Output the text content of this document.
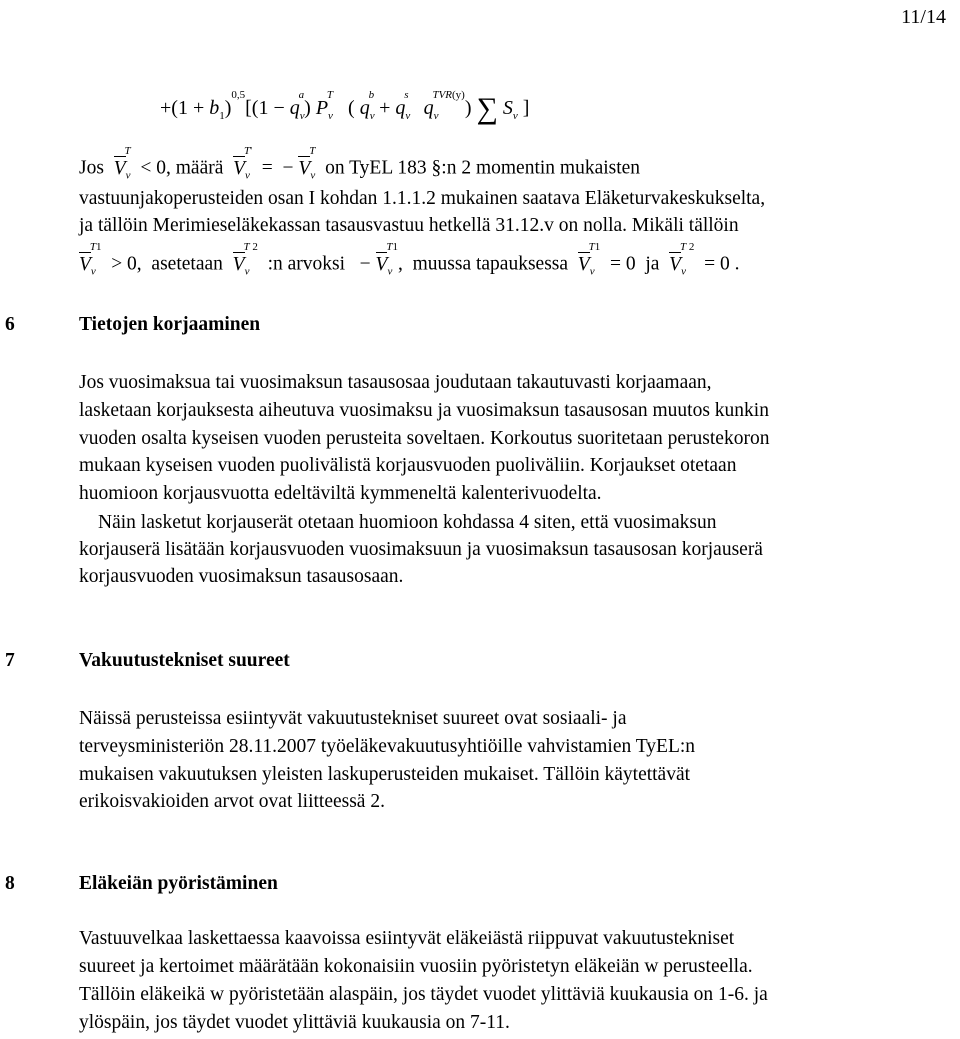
11/14
$+(1 + b_1)^{0,5}[(1 - q_v^a)$ $P_v^T$   ( $q_v^b + q_v^s$   $q_v^{TVR(y)}$) ∑ $S_v$ ]
Jos  $V_v^T < 0$, määrä  $V_v^{T'}$  =  − $V_v^T$  on TyEL 183 §:n 2 momentin mukaisten
vastuunjakoperusteiden osan I kohdan 1.1.1.2 mukainen saatava Eläketurvakeskukselta,
ja tällöin Merimieseläkekassan tasausvastuu hetkellä 31.12.v on nolla. Mikäli tällöin
$V_v^{T1} > 0$,  asetetaan  $V_v^{T 2}$  :n arvoksi   − $V_v^{T1}$,  muussa tapauksessa  $V_v^{T1} = 0$  ja  $V_v^{T 2} = 0$ .
6	Tietojen korjaaminen
Jos vuosimaksua tai vuosimaksun tasausosaa joudutaan takautuvasti korjaamaan,
lasketaan korjauksesta aiheutuva vuosimaksu ja vuosimaksun tasausosan muutos kunkin
vuoden osalta kyseisen vuoden perusteita soveltaen. Korkoutus suoritetaan perustekoron
mukaan kyseisen vuoden puolivälistä korjausvuoden puoliväliin. Korjaukset otetaan
huomioon korjausvuotta edeltäviltä kymmeneltä kalenterivuodelta.
Näin lasketut korjauserät otetaan huomioon kohdassa 4 siten, että vuosimaksun
korjauserä lisätään korjausvuoden vuosimaksuun ja vuosimaksun tasausosan korjauserä
korjausvuoden vuosimaksun tasausosaan.
7	Vakuutustekniset suureet
Näissä perusteissa esiintyvät vakuutustekniset suureet ovat sosiaali- ja
terveysministeriön 28.11.2007 työeläkevakuutusyhtiöille vahvistamien TyEL:n
mukaisen vakuutuksen yleisten laskuperusteiden mukaiset. Tällöin käytettävät
erikoisvakioiden arvot ovat liitteessä 2.
8	Eläkeiän pyöristäminen
Vastuuvelkaa laskettaessa kaavoissa esiintyvät eläkeiästä riippuvat vakuutustekniset
suureet ja kertoimet määrätään kokonaisiin vuosiin pyöristetyn eläkeiän w perusteella.
Tällöin eläkeikä w pyöristetään alaspäin, jos täydet vuodet ylittäviä kuukausia on 1-6. ja
ylöspäin, jos täydet vuodet ylittäviä kuukausia on 7-11.
